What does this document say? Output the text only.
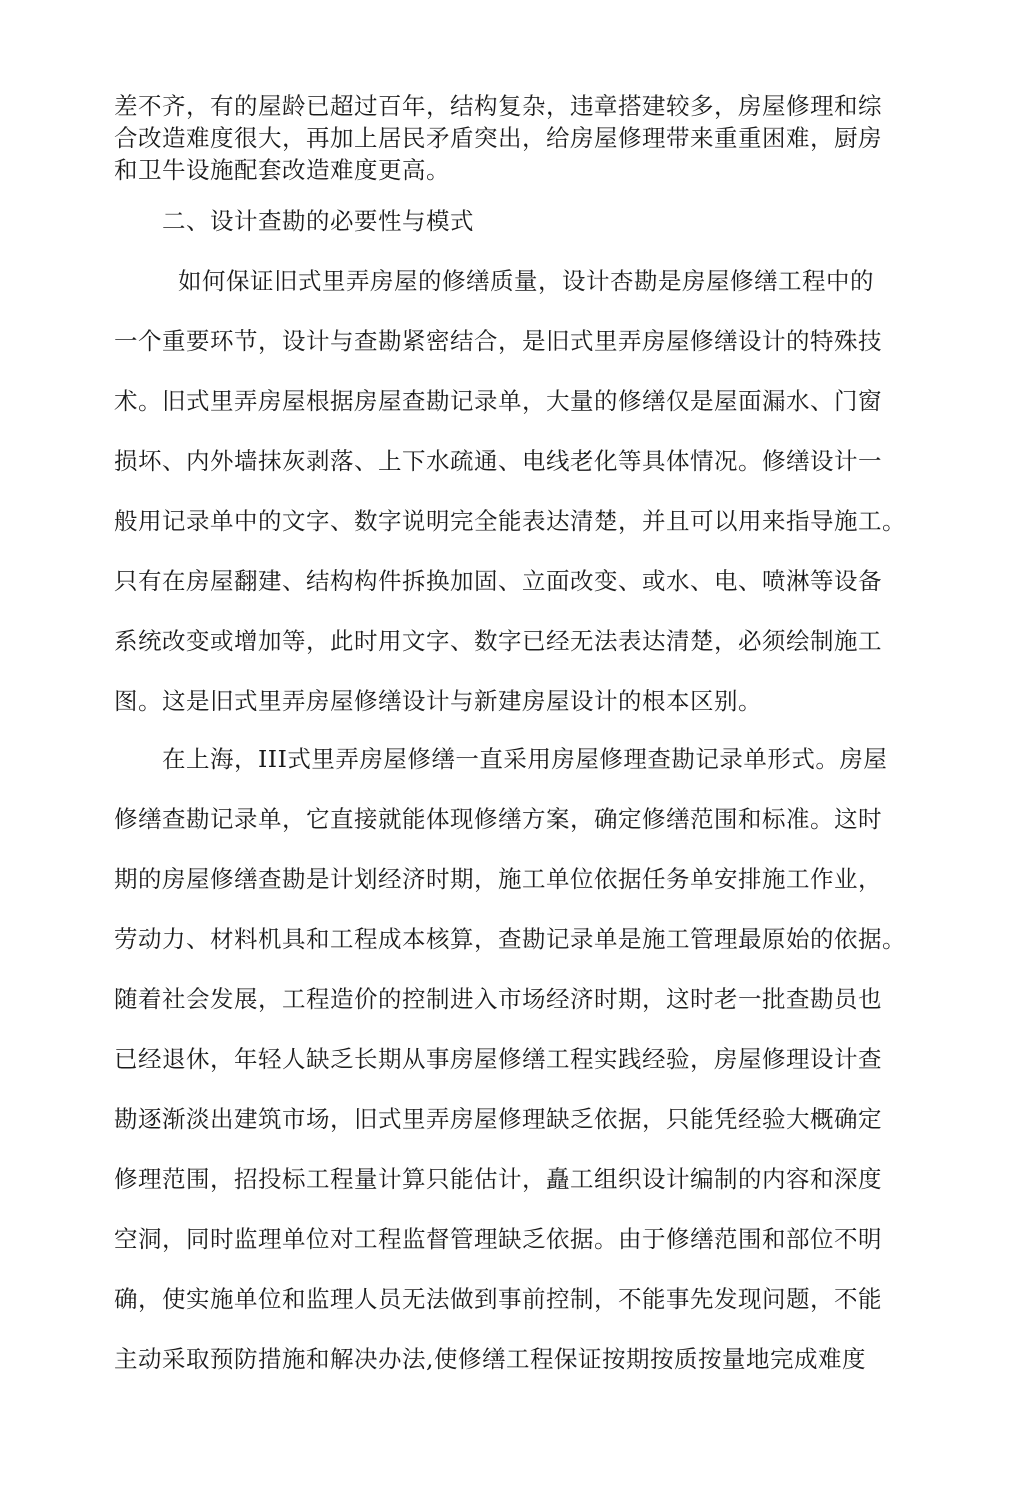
差不齐，有的屋龄已超过百年，结构复杂，违章搭建较多，房屋修理和综
合改造难度很大，再加上居民矛盾突出，给房屋修理带来重重困难，厨房
和卫牛设施配套改造难度更高。
二、设计查勘的必要性与模式
如何保证旧式里弄房屋的修缮质量，设计杏勘是房屋修缮工程中的
一个重要环节，设计与查勘紧密结合，是旧式里弄房屋修缮设计的特殊技
术。旧式里弄房屋根据房屋查勘记录单，大量的修缮仅是屋面漏水、门窗
损坏、内外墙抹灰剥落、上下水疏通、电线老化等具体情况。修缮设计一
般用记录单中的文字、数字说明完全能表达清楚，并且可以用来指导施工。
只有在房屋翻建、结构构件拆换加固、立面改变、或水、电、喷淋等设备
系统改变或增加等，此时用文字、数字已经无法表达清楚，必须绘制施工
图。这是旧式里弄房屋修缮设计与新建房屋设计的根本区别。
在上海，III式里弄房屋修缮一直采用房屋修理查勘记录单形式。房屋
修缮查勘记录单，它直接就能体现修缮方案，确定修缮范围和标准。这时
期的房屋修缮查勘是计划经济时期，施工单位依据任务单安排施工作业，
劳动力、材料机具和工程成本核算，查勘记录单是施工管理最原始的依据。
随着社会发展，工程造价的控制进入市场经济时期，这时老一批查勘员也
已经退休，年轻人缺乏长期从事房屋修缮工程实践经验，房屋修理设计查
勘逐渐淡出建筑市场，旧式里弄房屋修理缺乏依据，只能凭经验大概确定
修理范围，招投标工程量计算只能估计，矗工组织设计编制的内容和深度
空洞，同时监理单位对工程监督管理缺乏依据。由于修缮范围和部位不明
确，使实施单位和监理人员无法做到事前控制，不能事先发现问题，不能
主动采取预防措施和解决办法,使修缮工程保证按期按质按量地完成难度
